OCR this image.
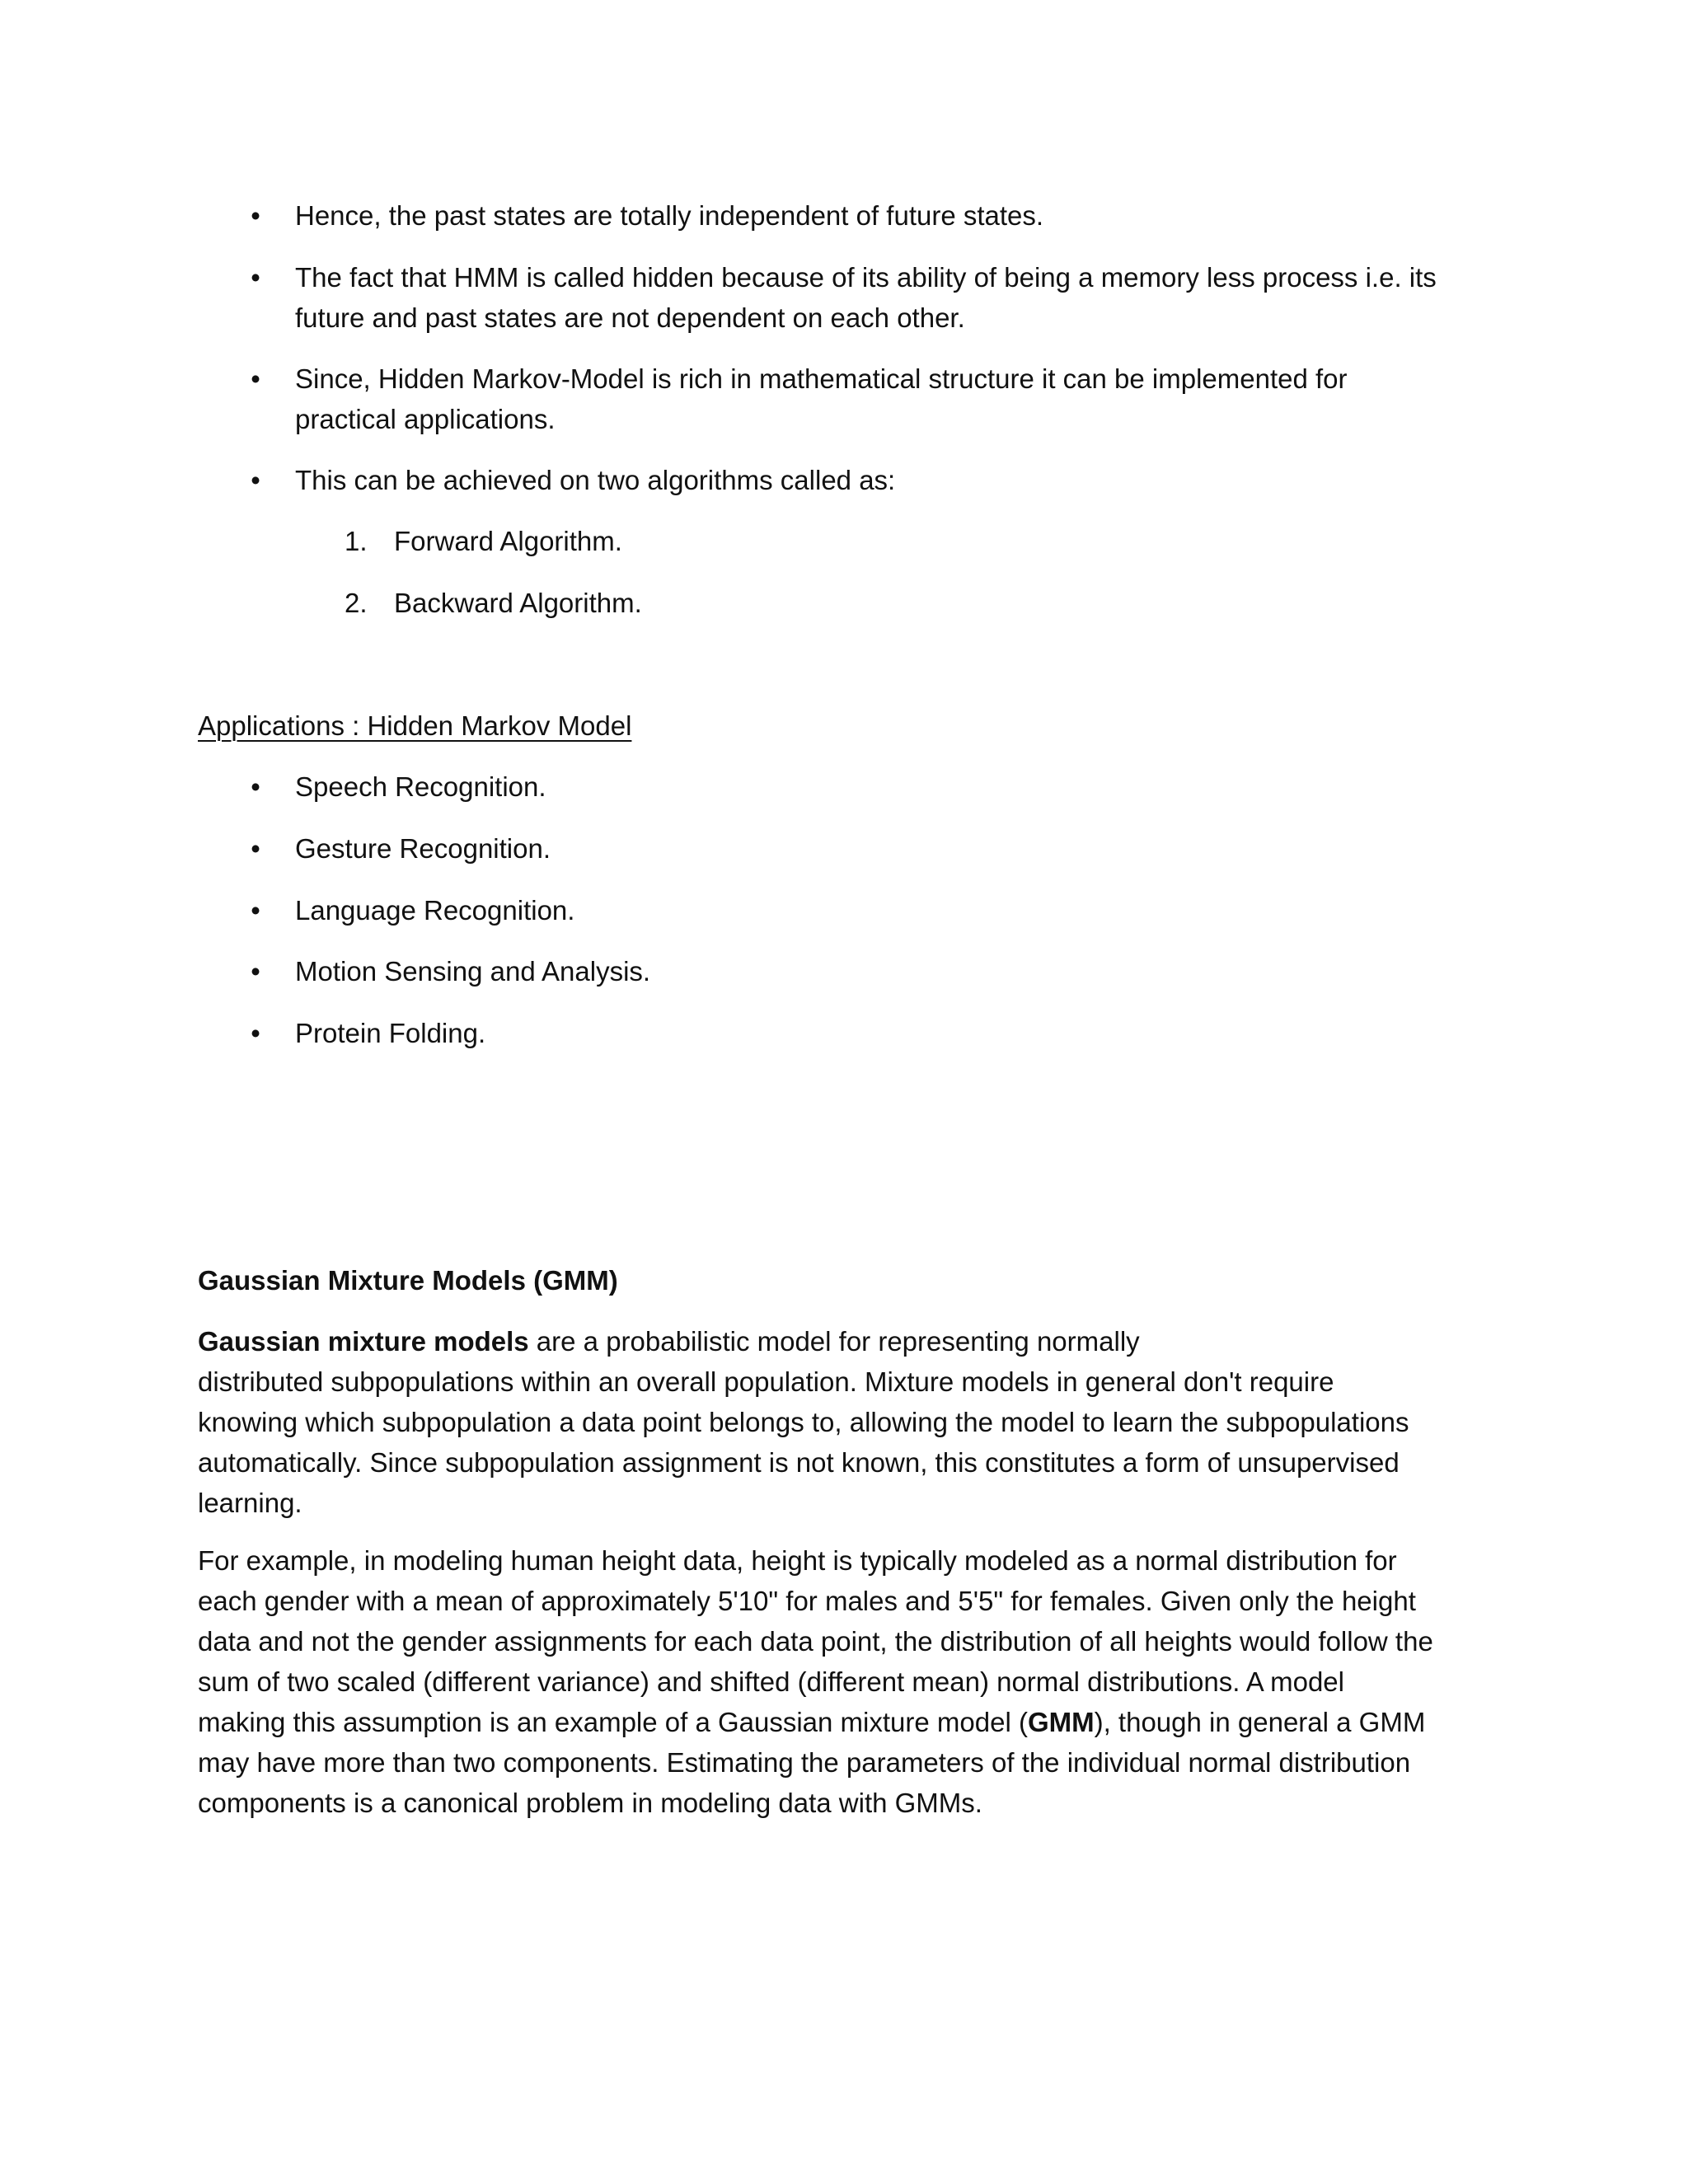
• Hence, the past states are totally independent of future states.
• The fact that HMM is called hidden because of its ability of being a memory less process i.e. its
future and past states are not dependent on each other.
• Since, Hidden Markov-Model is rich in mathematical structure it can be implemented for
practical applications.
• This can be achieved on two algorithms called as:
1. Forward Algorithm.
2. Backward Algorithm.
Applications : Hidden Markov Model
• Speech Recognition.
• Gesture Recognition.
• Language Recognition.
• Motion Sensing and Analysis.
• Protein Folding.
Gaussian Mixture Models (GMM)
Gaussian mixture models are a probabilistic model for representing normally
distributed subpopulations within an overall population. Mixture models in general don't require
knowing which subpopulation a data point belongs to, allowing the model to learn the subpopulations
automatically. Since subpopulation assignment is not known, this constitutes a form of unsupervised
learning.
For example, in modeling human height data, height is typically modeled as a normal distribution for
each gender with a mean of approximately 5'10" for males and 5'5" for females. Given only the height
data and not the gender assignments for each data point, the distribution of all heights would follow the
sum of two scaled (different variance) and shifted (different mean) normal distributions. A model
making this assumption is an example of a Gaussian mixture model (GMM), though in general a GMM
may have more than two components. Estimating the parameters of the individual normal distribution
components is a canonical problem in modeling data with GMMs.
